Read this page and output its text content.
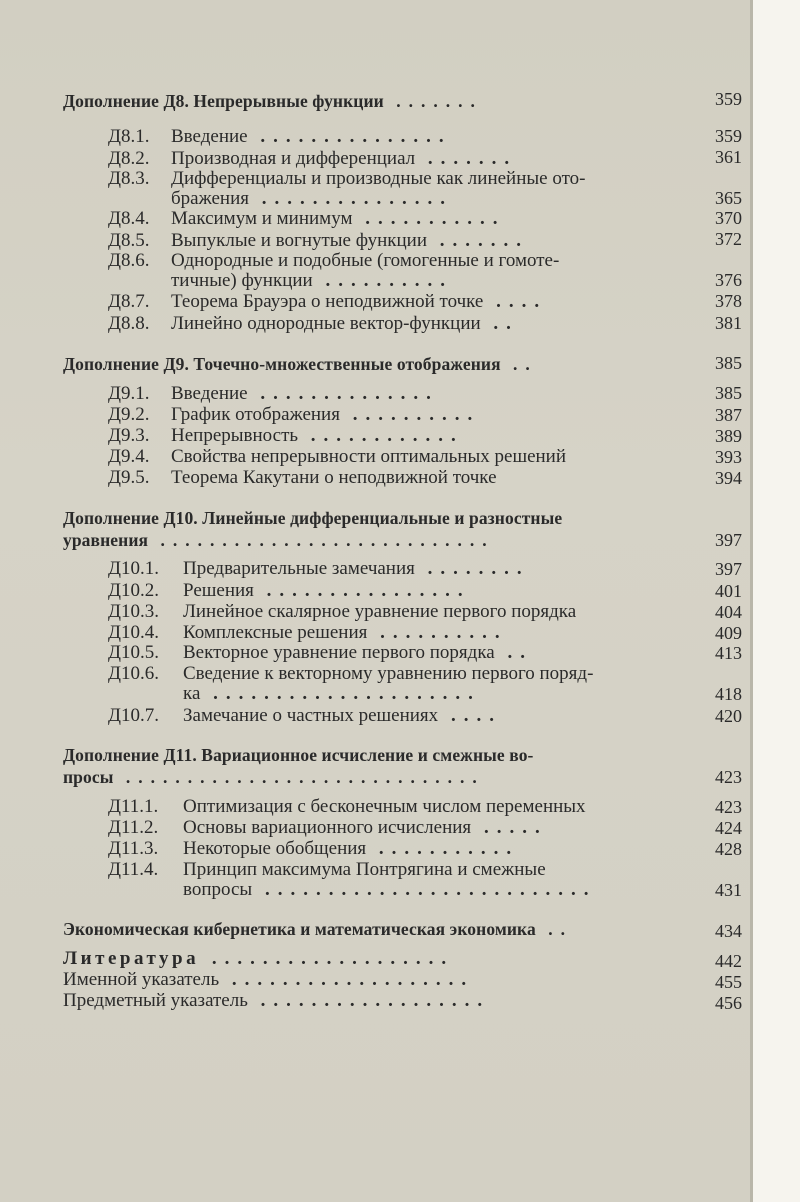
Дополнение Д8. Непрерывные функции .......	359
Д8.1. Введение ...............	359
Д8.2. Производная и дифференциал .......	361
Д8.3. Дифференциалы и производные как линейные ото-
бражения ...............	365
Д8.4. Максимум и минимум ...........	370
Д8.5. Выпуклые и вогнутые функции .......	372
Д8.6. Однородные и подобные (гомогенные и гомоте-
тичные) функции ..........	376
Д8.7. Теорема Брауэра о неподвижной точке ....	378
Д8.8. Линейно однородные вектор-функции ..	381
Дополнение Д9. Точечно-множественные отображения ..	385
Д9.1. Введение ..............	385
Д9.2. График отображения ..........	387
Д9.3. Непрерывность ............	389
Д9.4. Свойства непрерывности оптимальных решений	393
Д9.5. Теорема Какутани о неподвижной точке	394
Дополнение Д10. Линейные дифференциальные и разностные
уравнения ...........................	397
Д10.1. Предварительные замечания ........	397
Д10.2. Решения ................	401
Д10.3. Линейное скалярное уравнение первого порядка	404
Д10.4. Комплексные решения ..........	409
Д10.5. Векторное уравнение первого порядка ..	413
Д10.6. Сведение к векторному уравнению первого поряд-
ка .....................	418
Д10.7. Замечание о частных решениях ....	420
Дополнение Д11. Вариационное исчисление и смежные во-
просы .............................	423
Д11.1. Оптимизация с бесконечным числом переменных	423
Д11.2. Основы вариационного исчисления .....	424
Д11.3. Некоторые обобщения ...........	428
Д11.4. Принцип максимума Понтрягина и смежные
вопросы ..........................	431
Экономическая кибернетика и математическая экономика ..	434
Литература ...................	442
Именной указатель ...................	455
Предметный указатель ..................	456
